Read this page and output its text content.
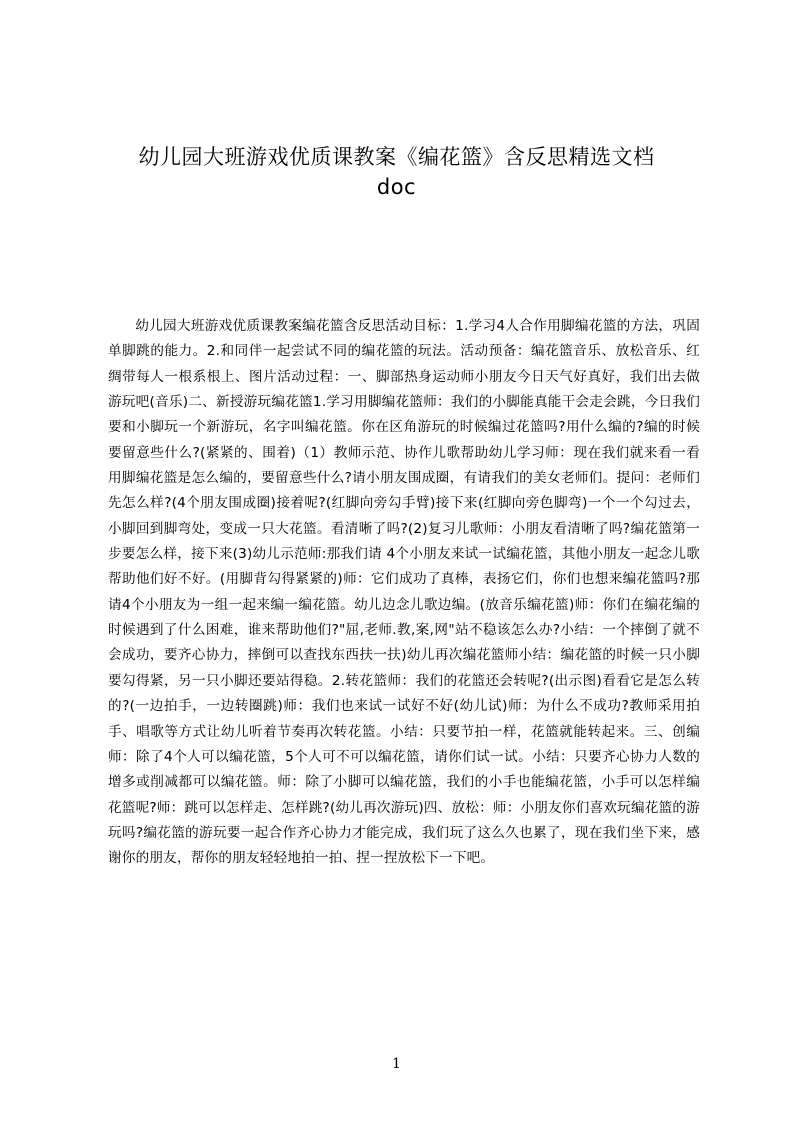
幼儿园大班游戏优质课教案《编花篮》含反思精选文档
doc
幼儿园大班游戏优质课教案编花篮含反思活动目标：1.学习4人合作用脚编花篮的方法，巩固单脚跳的能力。2.和同伴一起尝试不同的编花篮的玩法。活动预备：编花篮音乐、放松音乐、红绸带每人一根系根上、图片活动过程：一、脚部热身运动师小朋友今日天气好真好，我们出去做游玩吧(音乐)二、新授游玩编花篮1.学习用脚编花篮师：我们的小脚能真能干会走会跳，今日我们要和小脚玩一个新游玩，名字叫编花篮。你在区角游玩的时候编过花篮吗?用什么编的?编的时候要留意些什么?(紧紧的、围着)（1）教师示范、协作儿歌帮助幼儿学习师：现在我们就来看一看用脚编花篮是怎么编的，要留意些什么?请小朋友围成圈，有请我们的美女老师们。提问：老师们先怎么样?(4个朋友围成圈)接着呢?(红脚向旁勾手臂)接下来(红脚向旁色脚弯)一个一个勾过去，小脚回到脚弯处，变成一只大花篮。看清晰了吗?(2)复习儿歌师：小朋友看清晰了吗?编花篮第一步要怎么样，接下来(3)幼儿示范师:那我们请 4个小朋友来试一试编花篮，其他小朋友一起念儿歌帮助他们好不好。(用脚背勾得紧紧的)师：它们成功了真棒，表扬它们，你们也想来编花篮吗?那请4个小朋友为一组一起来编一编花篮。幼儿边念儿歌边编。(放音乐编花篮)师：你们在编花编的时候遇到了什么困难，谁来帮助他们?"屈,老师.教,案,网"站不稳该怎么办?小结：一个摔倒了就不会成功，要齐心协力，摔倒可以查找东西扶一扶)幼儿再次编花篮师小结：编花篮的时候一只小脚要勾得紧，另一只小脚还要站得稳。2.转花篮师：我们的花篮还会转呢?(出示图)看看它是怎么转的?(一边拍手，一边转圈跳)师：我们也来试一试好不好(幼儿试)师：为什么不成功?教师采用拍手、唱歌等方式让幼儿听着节奏再次转花篮。小结：只要节拍一样，花篮就能转起来。三、创编师：除了4个人可以编花篮，5个人可不可以编花篮，请你们试一试。小结：只要齐心协力人数的增多或削减都可以编花篮。师：除了小脚可以编花篮，我们的小手也能编花篮，小手可以怎样编花篮呢?师：跳可以怎样走、怎样跳?(幼儿再次游玩)四、放松：师：小朋友你们喜欢玩编花篮的游玩吗?编花篮的游玩要一起合作齐心协力才能完成，我们玩了这么久也累了，现在我们坐下来，感谢你的朋友，帮你的朋友轻轻地拍一拍、捏一捏放松下一下吧。
1
